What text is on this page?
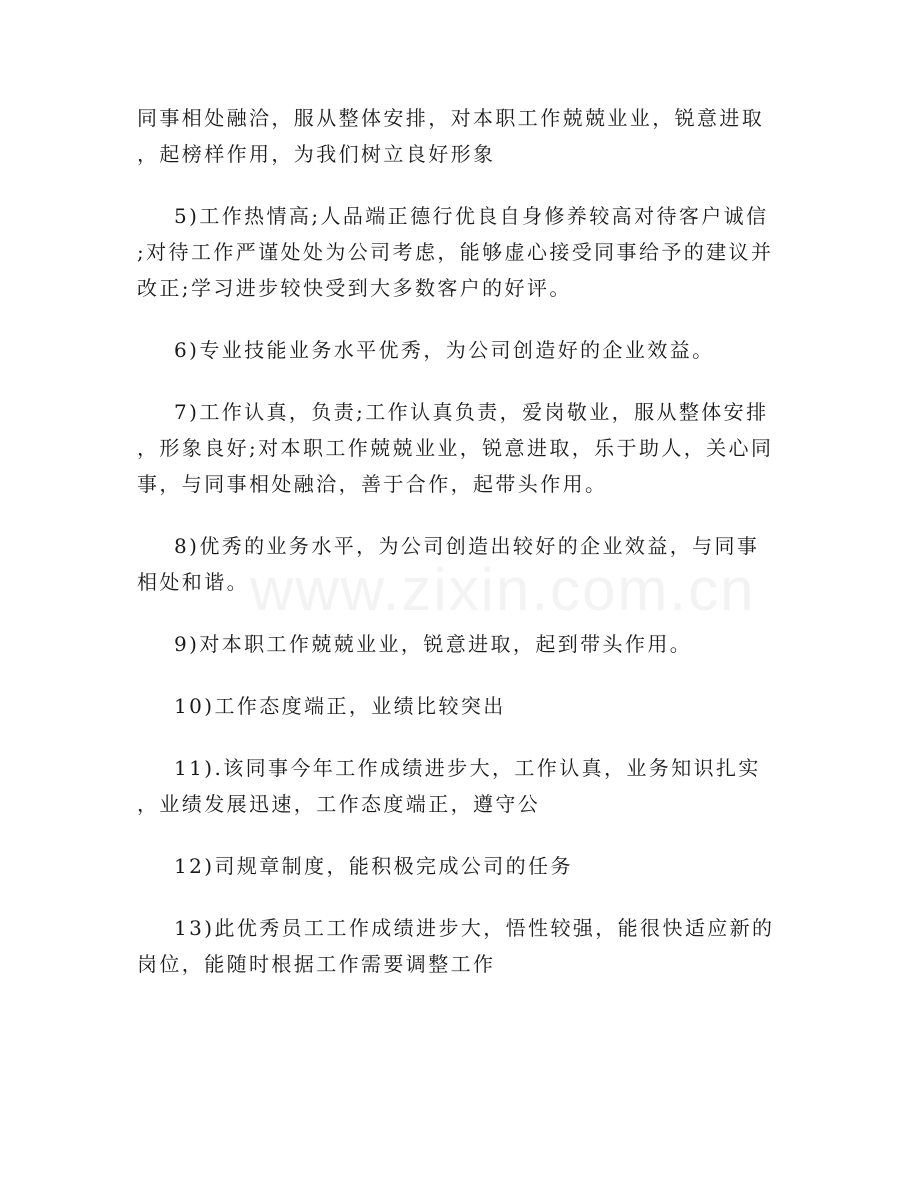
同事相处融洽，服从整体安排，对本职工作兢兢业业，锐意进取
，起榜样作用，为我们树立良好形象
5)工作热情高;人品端正德行优良自身修养较高对待客户诚信
;对待工作严谨处处为公司考虑，能够虚心接受同事给予的建议并
改正;学习进步较快受到大多数客户的好评。
6)专业技能业务水平优秀，为公司创造好的企业效益。
7)工作认真，负责;工作认真负责，爱岗敬业，服从整体安排
，形象良好;对本职工作兢兢业业，锐意进取，乐于助人，关心同
事，与同事相处融洽，善于合作，起带头作用。
8)优秀的业务水平，为公司创造出较好的企业效益，与同事
相处和谐。
9)对本职工作兢兢业业，锐意进取，起到带头作用。
10)工作态度端正，业绩比较突出
11).该同事今年工作成绩进步大，工作认真，业务知识扎实
，业绩发展迅速，工作态度端正，遵守公
12)司规章制度，能积极完成公司的任务
13)此优秀员工工作成绩进步大，悟性较强，能很快适应新的
岗位，能随时根据工作需要调整工作
www.zixin.com.cn
